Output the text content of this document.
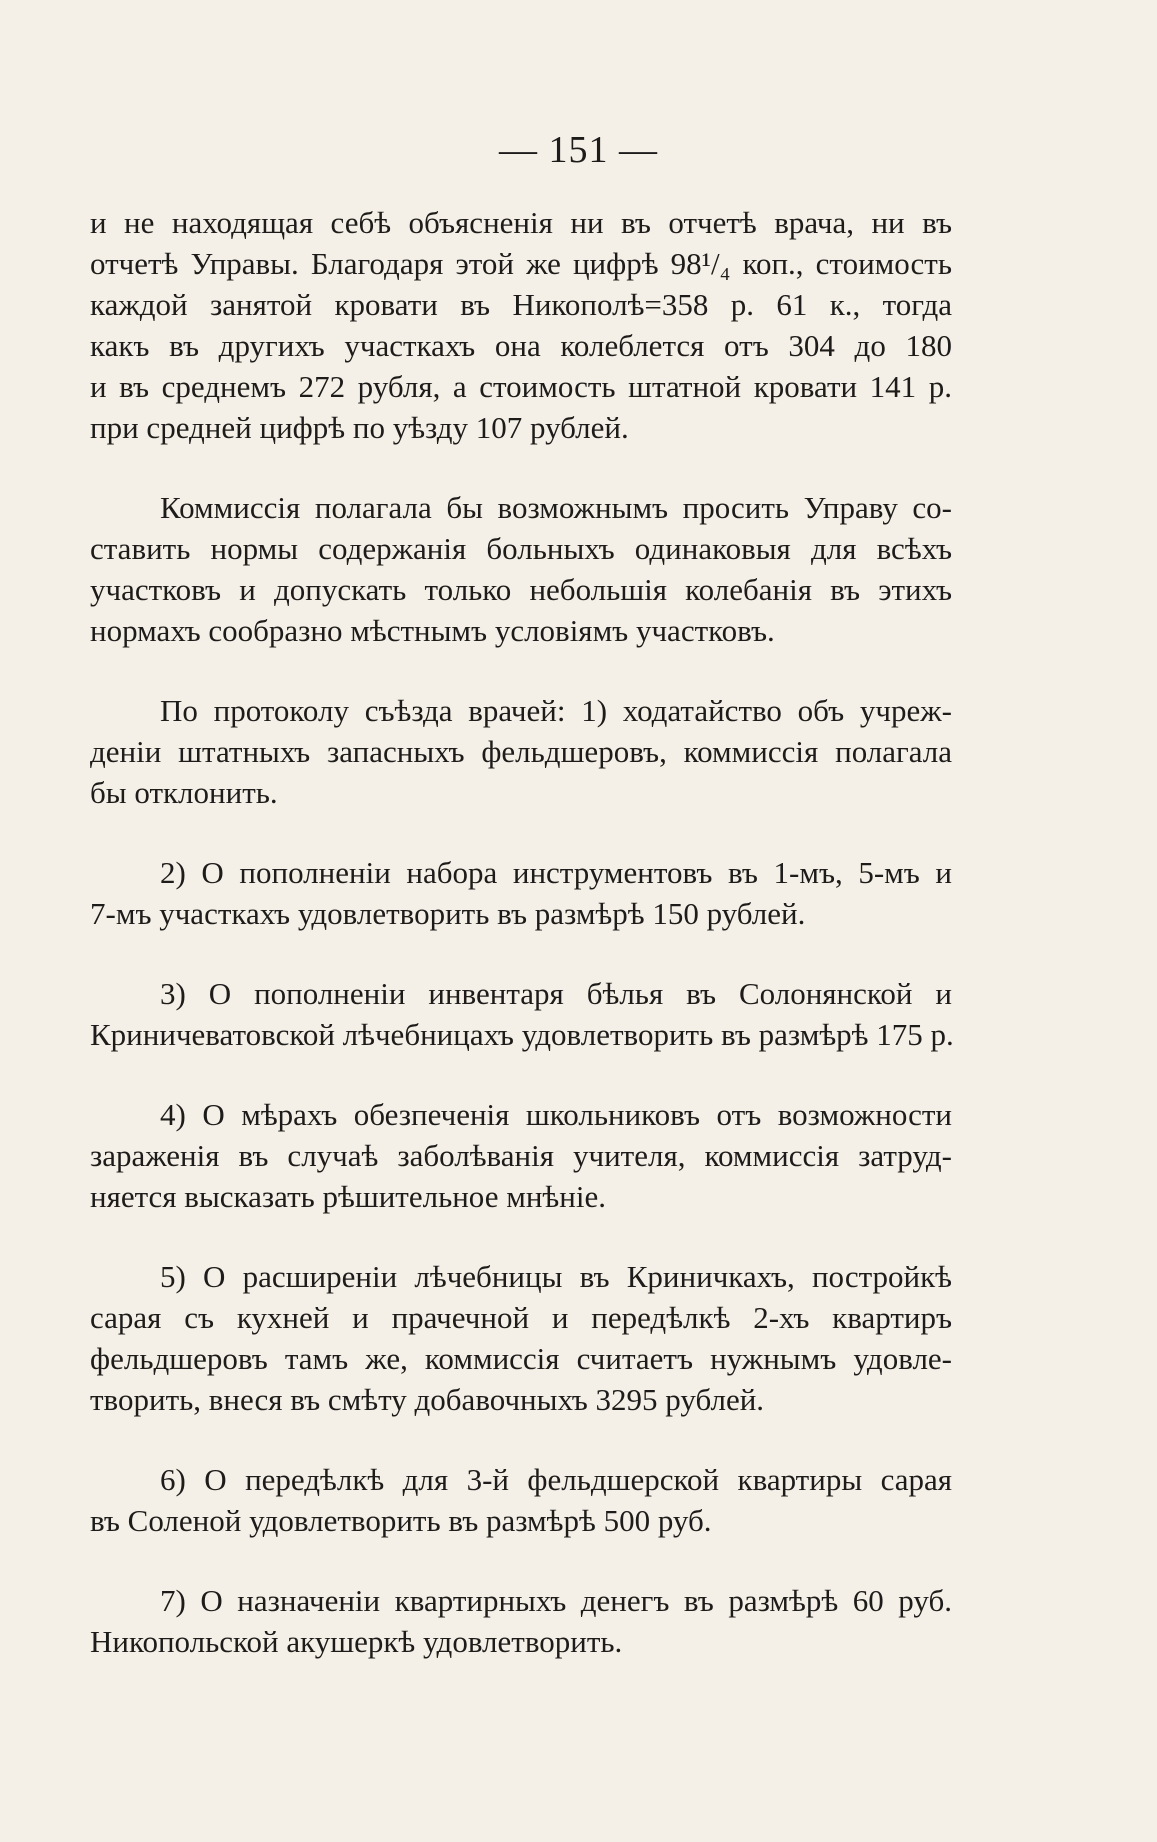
— 151 —
и не находящая себѣ объясненія ни въ отчетѣ врача, ни въ
отчетѣ Управы. Благодаря этой же цифрѣ 98¹/₄ коп., стоимость
каждой занятой кровати въ Никополѣ=358 р. 61 к., тогда
какъ въ другихъ участкахъ она колеблется отъ 304 до 180
и въ среднемъ 272 рубля, а стоимость штатной кровати 141 р.
при средней цифрѣ по уѣзду 107 рублей.
Коммиссія полагала бы возможнымъ просить Управу со-
ставить нормы содержанія больныхъ одинаковыя для всѣхъ
участковъ и допускать только небольшія колебанія въ этихъ
нормахъ сообразно мѣстнымъ условіямъ участковъ.
По протоколу съѣзда врачей: 1) ходатайство объ учреж-
деніи штатныхъ запасныхъ фельдшеровъ, коммиссія полагала
бы отклонить.
2) О пополненіи набора инструментовъ въ 1-мъ, 5-мъ и
7-мъ участкахъ удовлетворить въ размѣрѣ 150 рублей.
3) О пополненіи инвентаря бѣлья въ Солонянской и
Криничеватовской лѣчебницахъ удовлетворить въ размѣрѣ 175 р.
4) О мѣрахъ обезпеченія школьниковъ отъ возможности
зараженія въ случаѣ заболѣванія учителя, коммиссія затруд-
няется высказать рѣшительное мнѣніе.
5) О расширеніи лѣчебницы въ Криничкахъ, постройкѣ
сарая съ кухней и прачечной и передѣлкѣ 2-хъ квартиръ
фельдшеровъ тамъ же, коммиссія считаетъ нужнымъ удовле-
творить, внеся въ смѣту добавочныхъ 3295 рублей.
6) О передѣлкѣ для 3-й фельдшерской квартиры сарая
въ Соленой удовлетворить въ размѣрѣ 500 руб.
7) О назначеніи квартирныхъ денегъ въ размѣрѣ 60 руб.
Никопольской акушеркѣ удовлетворить.
